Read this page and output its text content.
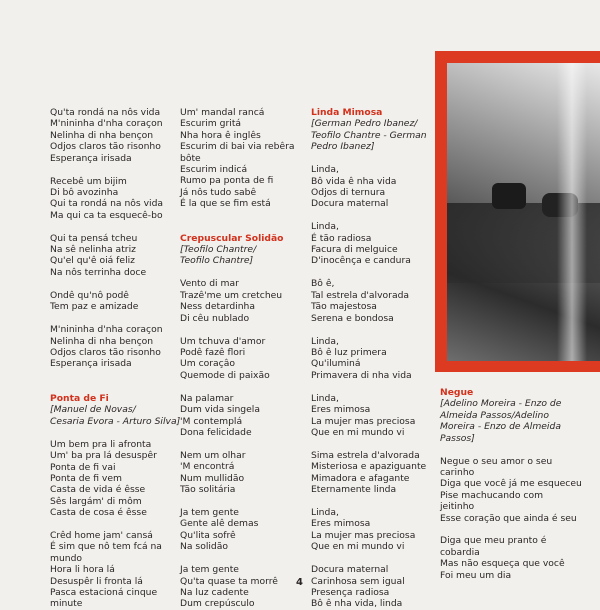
Qu'ta rondá na nôs vida
M'nininha d'nha coraçon
Nelinha di nha bençon
Odjos claros tão risonho
Esperança irisada
Recebê um bijim
Di bô avozinha
Qui ta rondá na nôs vida
Ma qui ca ta esquecê-bo
Qui ta pensá tcheu
Na sê nelinha atriz
Qu'el qu'ê oiá feliz
Na nôs terrinha doce
Ondê qu'nô podê
Tem paz e amizade
M'nininha d'nha coraçon
Nelinha di nha bençon
Odjos claros tão risonho
Esperança irisada
Ponta de Fi
[Manuel de Novas/
Cesaria Evora - Arturo Silva]
Um bem pra li afronta
Um' ba pra lá desuspêr
Ponta de fi vai
Ponta de fi vem
Casta de vida é êsse
Sês largám' di môm
Casta de cosa é êsse
Crêd home jam' cansá
É sim que nô tem fcá na
mundo
Hora li hora lá
Desuspêr li fronta lá
Pasca estacioná cinque
minute
Um' mandal rancá
Escurim gritá
Nha hora ê inglês
Escurim di bai via rebêra
bôte
Escurim indicá
Rumo pa ponta de fi
Já nôs tudo sabê
É la que se fim está
Crepuscular Solidão
[Teofilo Chantre/
Teofilo Chantre]
Vento di mar
Trazê'me um cretcheu
Ness detardinha
Di cêu nublado
Um tchuva d'amor
Podê fazê flori
Um coraçâo
Quemode di paixão
Na palamar
Dum vida singela
'M contemplá
Dona felicidade
Nem um olhar
'M encontrá
Num mullidão
Tão solitária
Ja tem gente
Gente alê demas
Qu'lita sofrê
Na solidão
Ja tem gente
Qu'ta quase ta morrê
Na luz cadente
Dum crepúsculo
Linda Mimosa
[German Pedro Ibanez/
Teofilo Chantre - German
Pedro Ibanez]
Linda,
Bô vida ê nha vida
Odjos di ternura
Docura maternal
Linda,
É tão radiosa
Facura di melguice
D'inocênça e candura
Bô ê,
Tal estrela d'alvorada
Tão majestosa
Serena e bondosa
Linda,
Bô ê luz primera
Qu'iluminá
Primavera di nha vida
Linda,
Eres mimosa
La mujer mas preciosa
Que en mi mundo vi
Sima estrela d'alvorada
Misteriosa e apaziguante
Mimadora e afagante
Eternamente linda
Linda,
Eres mimosa
La mujer mas preciosa
Que en mi mundo vi
Docura maternal
Carinhosa sem igual
Presença radiosa
Bô ê nha vida, linda
Negue
[Adelino Moreira - Enzo de
Almeida Passos/Adelino
Moreira - Enzo de Almeida
Passos]
Negue o seu amor o seu
carinho
Diga que você já me esqueceu
Pise machucando com
jeitinho
Esse coração que ainda é seu
Diga que meu pranto é
cobardia
Mas não esqueça que você
Foi meu um dia
4
